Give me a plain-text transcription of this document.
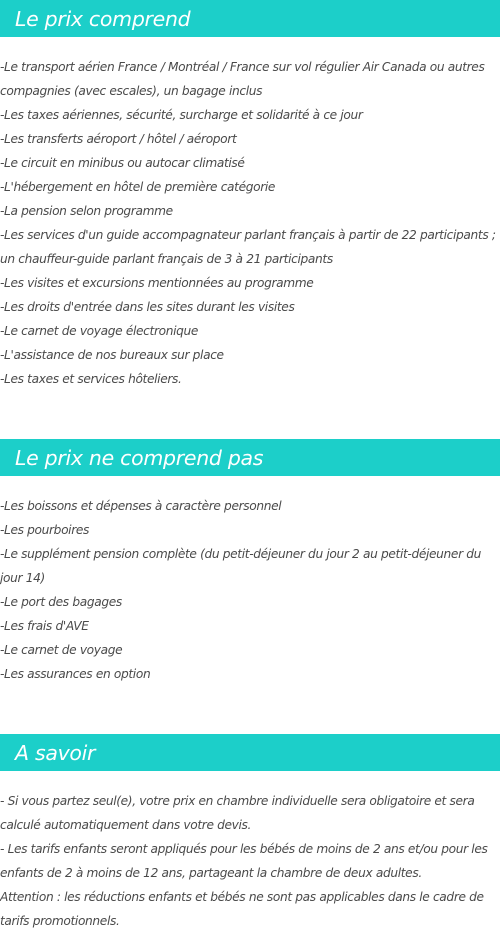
Le prix comprend
-Le transport aérien France / Montréal / France sur vol régulier Air Canada ou autres compagnies (avec escales), un bagage inclus
-Les taxes aériennes, sécurité, surcharge et solidarité à ce jour
-Les transferts aéroport / hôtel / aéroport
-Le circuit en minibus ou autocar climatisé
-L'hébergement en hôtel de première catégorie
-La pension selon programme
-Les services d'un guide accompagnateur parlant français à partir de 22 participants ; un chauffeur-guide parlant français de 3 à 21 participants
-Les visites et excursions mentionnées au programme
-Les droits d'entrée dans les sites durant les visites
-Le carnet de voyage électronique
-L'assistance de nos bureaux sur place
-Les taxes et services hôteliers.
Le prix ne comprend pas
-Les boissons et dépenses à caractère personnel
-Les pourboires
-Le supplément pension complète (du petit-déjeuner du jour 2 au petit-déjeuner du jour 14)
-Le port des bagages
-Les frais d'AVE
-Le carnet de voyage
-Les assurances en option
A savoir
- Si vous partez seul(e), votre prix en chambre individuelle sera obligatoire et sera calculé automatiquement dans votre devis.
- Les tarifs enfants seront appliqués pour les bébés de moins de 2 ans et/ou pour les enfants de 2 à moins de 12 ans, partageant la chambre de deux adultes.
Attention : les réductions enfants et bébés ne sont pas applicables dans le cadre de tarifs promotionnels.
